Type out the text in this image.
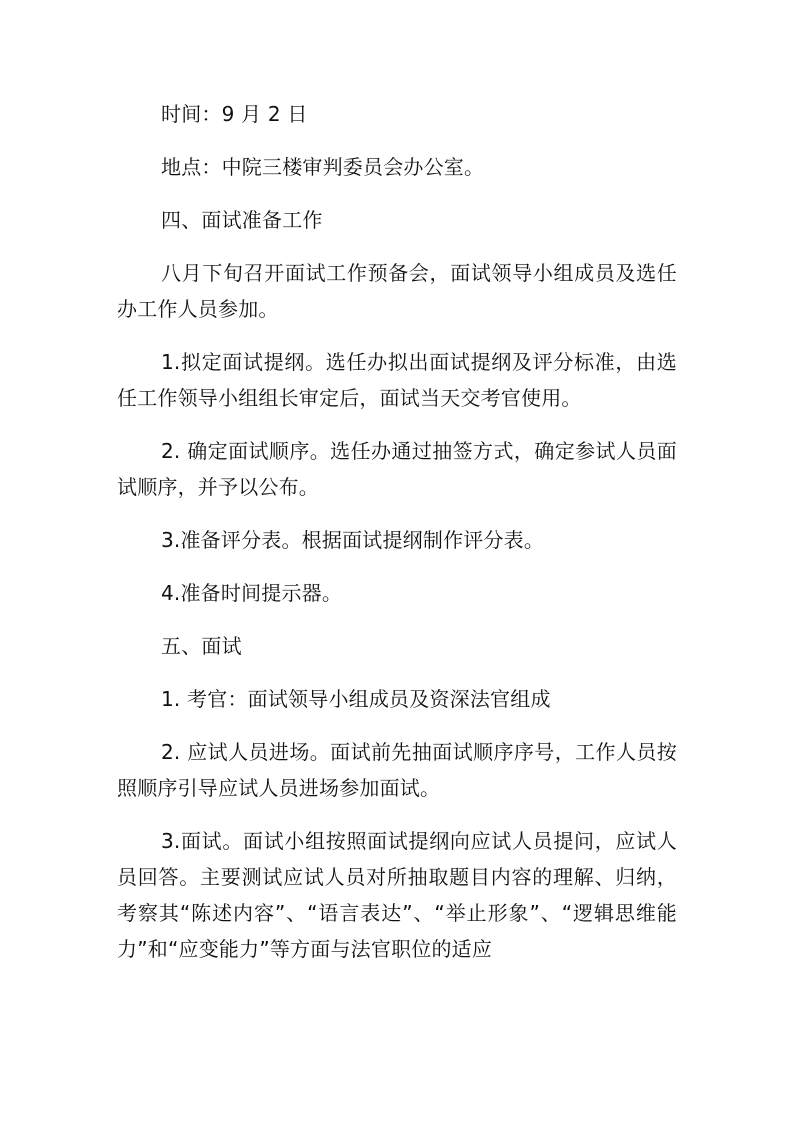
时间：9 月 2 日

地点：中院三楼审判委员会办公室。

四、面试准备工作

八月下旬召开面试工作预备会，面试领导小组成员及选任办工作人员参加。

1.拟定面试提纲。选任办拟出面试提纲及评分标准，由选任工作领导小组组长审定后，面试当天交考官使用。

2. 确定面试顺序。选任办通过抽签方式，确定参试人员面试顺序，并予以公布。

3.准备评分表。根据面试提纲制作评分表。

4.准备时间提示器。

五、面试

1. 考官：面试领导小组成员及资深法官组成

2. 应试人员进场。面试前先抽面试顺序序号，工作人员按照顺序引导应试人员进场参加面试。

3.面试。面试小组按照面试提纲向应试人员提问，应试人员回答。主要测试应试人员对所抽取题目内容的理解、归纳，考察其“陈述内容”、“语言表达”、“举止形象”、“逻辑思维能力”和“应变能力”等方面与法官职位的适应
